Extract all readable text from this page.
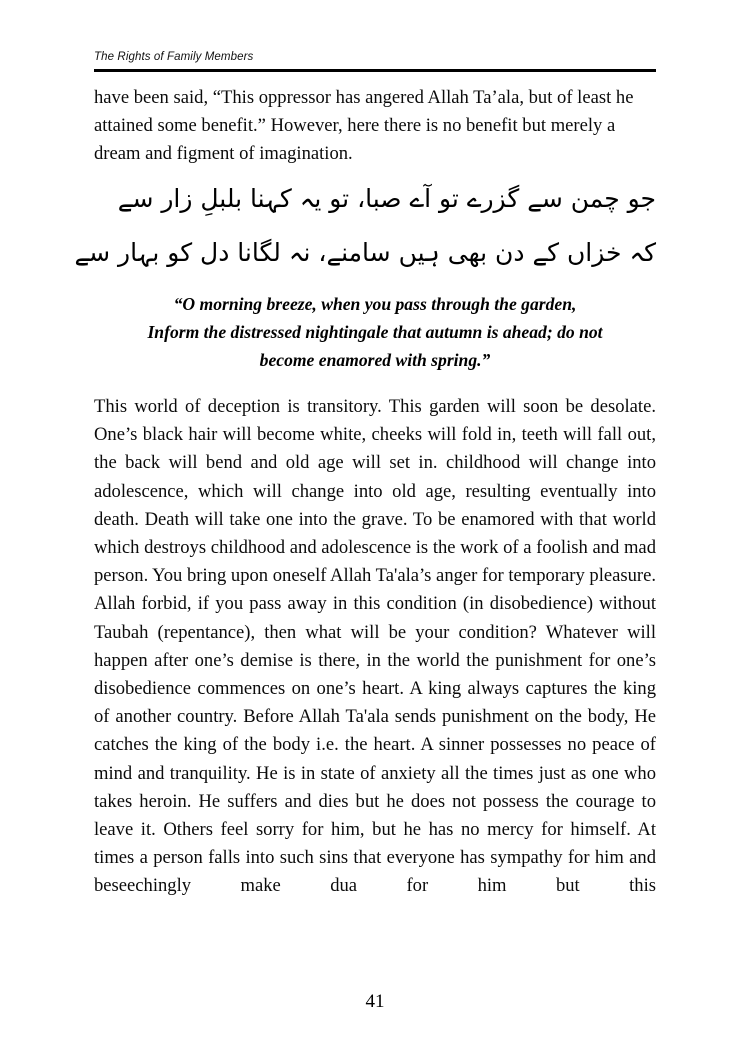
The Rights of Family Members

have been said, “This oppressor has angered Allah Ta’ala, but of least he attained some benefit.” However, here there is no benefit but merely a dream and figment of imagination.

جو چمن سے گزرے تو آے صبا، تو یہ کہنا بلبلِ زار سے
کہ خزاں کے دن بھی ہیں سامنے، نہ لگانا دل کو بہار سے
“O morning breeze, when you pass through the garden,
Inform the distressed nightingale that autumn is ahead; do not
become enamored with spring.”

This world of deception is transitory. This garden will soon be desolate. One’s black hair will become white, cheeks will fold in, teeth will fall out, the back will bend and old age will set in. childhood will change into adolescence, which will change into old age, resulting eventually into death. Death will take one into the grave. To be enamored with that world which destroys childhood and adolescence is the work of a foolish and mad person. You bring upon oneself Allah Ta'ala’s anger for temporary pleasure. Allah forbid, if you pass away in this condition (in disobedience) without Taubah (repentance), then what will be your condition? Whatever will happen after one’s demise is there, in the world the punishment for one’s disobedience commences on one’s heart. A king always captures the king of another country. Before Allah Ta'ala sends punishment on the body, He catches the king of the body i.e. the heart. A sinner possesses no peace of mind and tranquility. He is in state of anxiety all the times just as one who takes heroin. He suffers and dies but he does not possess the courage to leave it. Others feel sorry for him, but he has no mercy for himself. At times a person falls into such sins that everyone has sympathy for him and beseechingly make dua for him but this

41
